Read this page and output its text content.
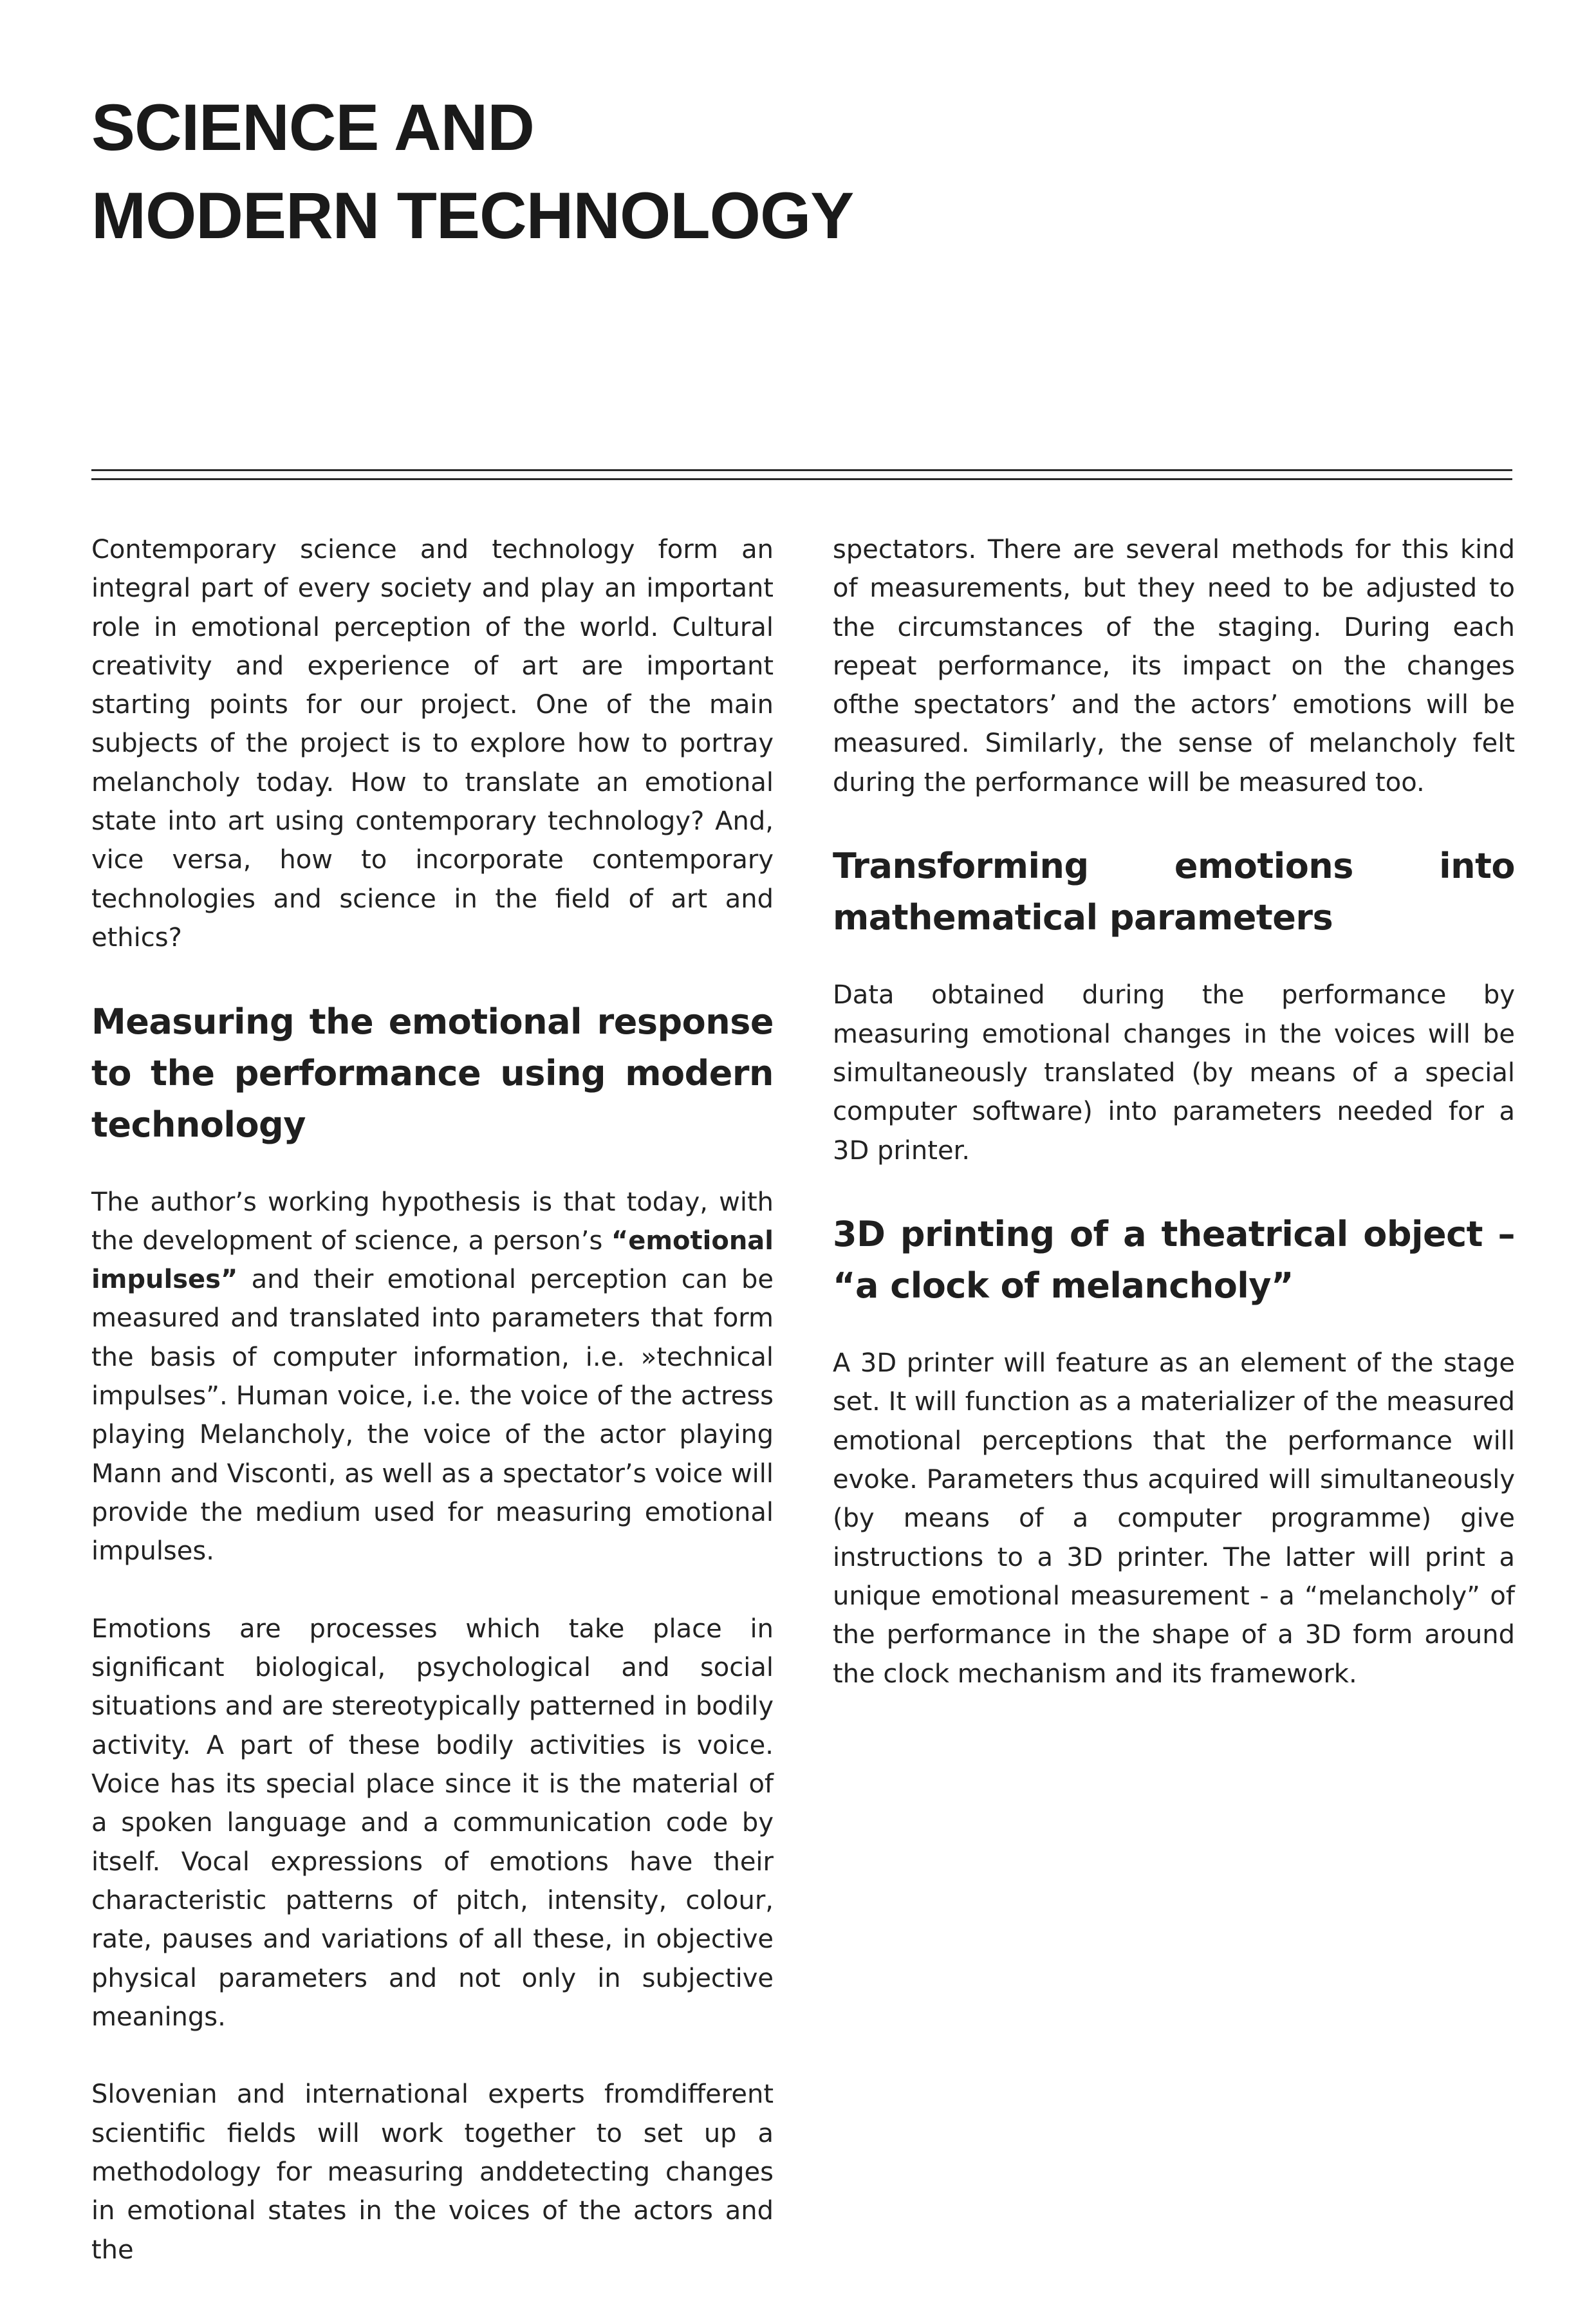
SCIENCE AND
MODERN TECHNOLOGY

Contemporary science and technology form an integral part of every society and play an important role in emotional perception of the world. Cultural creativity and experience of art are important starting points for our project. One of the main subjects of the project is to explore how to portray melancholy today. How to translate an emotional state into art using contemporary technology? And, vice versa, how to incorporate contemporary technologies and science in the field of art and ethics?

Measuring the emotional response to the performance using modern technology

The author’s working hypothesis is that today, with the development of science, a person’s “emotional impulses” and their emotional perception can be measured and translated into parameters that form the basis of computer information, i.e. »technical impulses”. Human voice, i.e. the voice of the actress playing Melancholy, the voice of the actor playing Mann and Visconti, as well as a spectator’s voice will provide the medium used for measuring emotional impulses.

Emotions are processes which take place in significant biological, psychological and social situations and are stereotypically patterned in bodily activity. A part of these bodily activities is voice. Voice has its special place since it is the material of a spoken language and a communication code by itself. Vocal expressions of emotions have their characteristic patterns of pitch, intensity, colour, rate, pauses and variations of all these, in objective physical parameters and not only in subjective meanings.

Slovenian and international experts fromdifferent scientific fields will work together to set up a methodology for measuring anddetecting changes in emotional states in the voices of the actors and the

spectators. There are several methods for this kind of measurements, but they need to be adjusted to the circumstances of the staging. During each repeat performance, its impact on the changes ofthe spectators’ and the actors’ emotions will be measured. Similarly, the sense of melancholy felt during the performance will be measured too.

Transforming emotions into mathematical parameters

Data obtained during the performance by measuring emotional changes in the voices will be simultaneously translated (by means of a special computer software) into parameters needed for a 3D printer.

3D printing of a theatrical object – “a clock of melancholy”

A 3D printer will feature as an element of the stage set. It will function as a materializer of the measured emotional perceptions that the performance will evoke. Parameters thus acquired will simultaneously (by means of a computer programme) give instructions to a 3D printer. The latter will print a unique emotional measurement - a “melancholy” of the performance in the shape of a 3D form around the clock mechanism and its framework.
